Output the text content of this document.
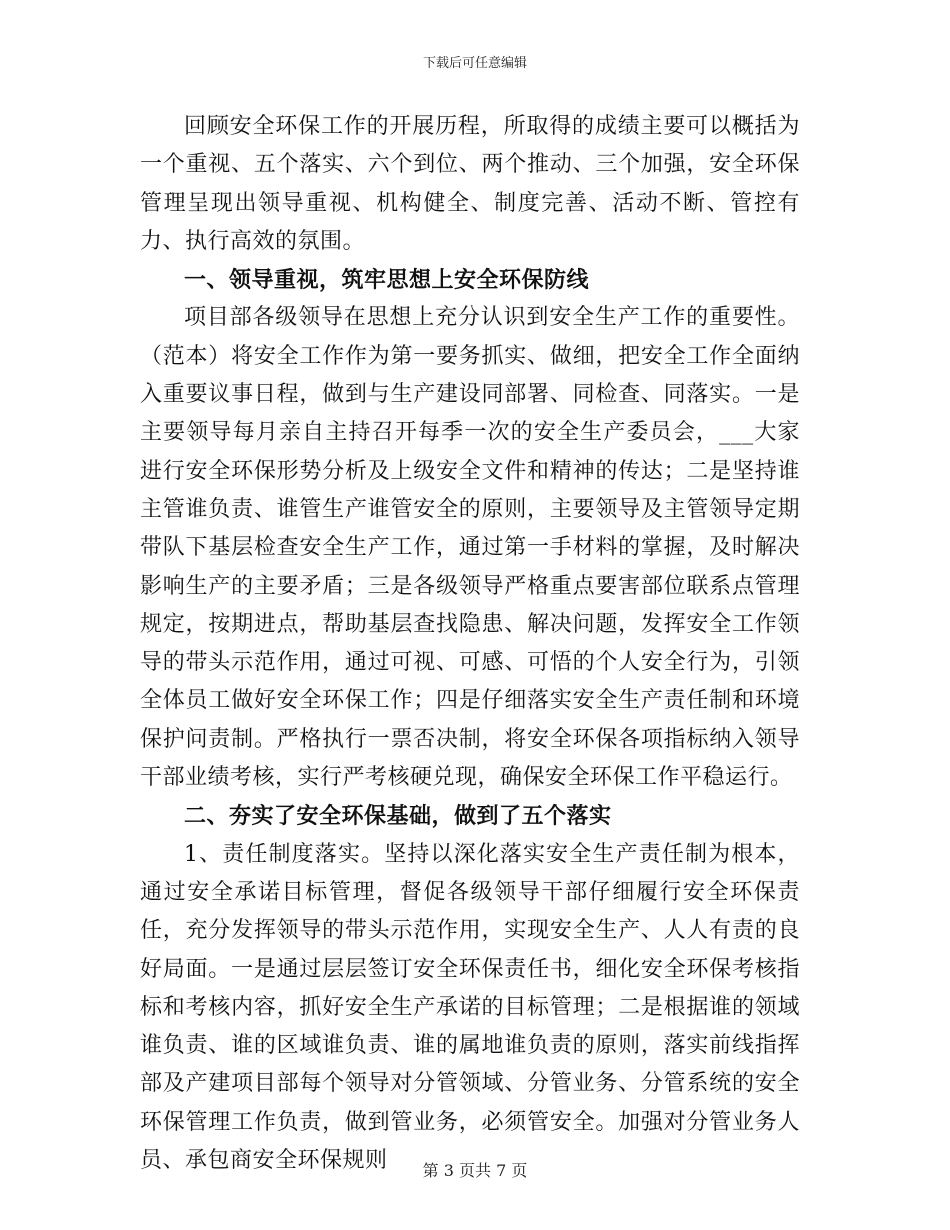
下载后可任意编辑

回顾安全环保工作的开展历程，所取得的成绩主要可以概括为一个重视、五个落实、六个到位、两个推动、三个加强，安全环保管理呈现出领导重视、机构健全、制度完善、活动不断、管控有力、执行高效的氛围。

一、领导重视，筑牢思想上安全环保防线

项目部各级领导在思想上充分认识到安全生产工作的重要性。（范本）将安全工作作为第一要务抓实、做细，把安全工作全面纳入重要议事日程，做到与生产建设同部署、同检查、同落实。一是主要领导每月亲自主持召开每季一次的安全生产委员会，___大家进行安全环保形势分析及上级安全文件和精神的传达；二是坚持谁主管谁负责、谁管生产谁管安全的原则，主要领导及主管领导定期带队下基层检查安全生产工作，通过第一手材料的掌握，及时解决影响生产的主要矛盾；三是各级领导严格重点要害部位联系点管理规定，按期进点，帮助基层查找隐患、解决问题，发挥安全工作领导的带头示范作用，通过可视、可感、可悟的个人安全行为，引领全体员工做好安全环保工作；四是仔细落实安全生产责任制和环境保护问责制。严格执行一票否决制，将安全环保各项指标纳入领导干部业绩考核，实行严考核硬兑现，确保安全环保工作平稳运行。

二、夯实了安全环保基础，做到了五个落实

1、责任制度落实。坚持以深化落实安全生产责任制为根本，通过安全承诺目标管理，督促各级领导干部仔细履行安全环保责任，充分发挥领导的带头示范作用，实现安全生产、人人有责的良好局面。一是通过层层签订安全环保责任书，细化安全环保考核指标和考核内容，抓好安全生产承诺的目标管理；二是根据谁的领域谁负责、谁的区域谁负责、谁的属地谁负责的原则，落实前线指挥部及产建项目部每个领导对分管领域、分管业务、分管系统的安全环保管理工作负责，做到管业务，必须管安全。加强对分管业务人员、承包商安全环保规则	第 3 页共 7 页
